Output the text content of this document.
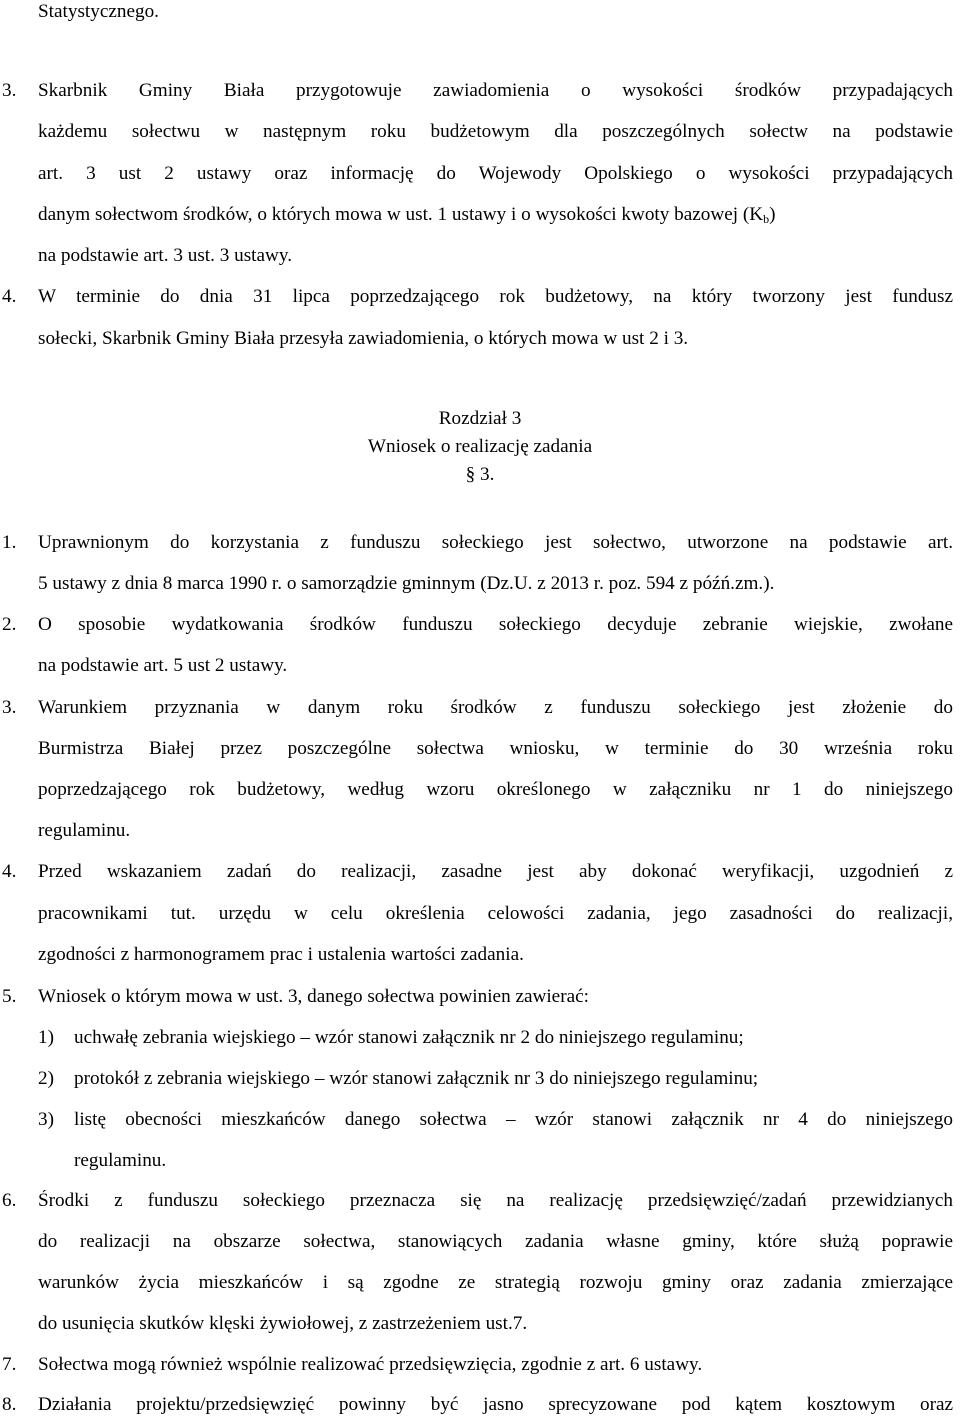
Statystycznego.
3. Skarbnik Gminy Biała przygotowuje zawiadomienia o wysokości środków przypadających
każdemu sołectwu w następnym roku budżetowym dla poszczególnych sołectw na podstawie
art. 3 ust 2 ustawy oraz informację do Wojewody Opolskiego o wysokości przypadających
danym sołectwom środków, o których mowa w ust. 1 ustawy i o wysokości kwoty bazowej $(K_b)$
na podstawie art. 3 ust. 3 ustawy.
4. W terminie do dnia 31 lipca poprzedzającego rok budżetowy, na który tworzony jest fundusz
sołecki, Skarbnik Gminy Biała przesyła zawiadomienia, o których mowa w ust 2 i 3.
Rozdział 3
Wniosek o realizację zadania
§ 3.
1. Uprawnionym do korzystania z funduszu sołeckiego jest sołectwo, utworzone na podstawie art.
5 ustawy z dnia 8 marca 1990 r. o samorządzie gminnym (Dz.U. z 2013 r. poz. 594 z późń.zm.).
2. O sposobie wydatkowania środków funduszu sołeckiego decyduje zebranie wiejskie, zwołane
na podstawie art. 5 ust 2 ustawy.
3. Warunkiem przyznania w danym roku środków z funduszu sołeckiego jest złożenie do
Burmistrza Białej przez poszczególne sołectwa wniosku, w terminie do 30 września roku
poprzedzającego rok budżetowy, według wzoru określonego w załączniku nr 1 do niniejszego
regulaminu.
4. Przed wskazaniem zadań do realizacji, zasadne jest aby dokonać weryfikacji, uzgodnień z
pracownikami tut. urzędu w celu określenia celowości zadania, jego zasadności do realizacji,
zgodności z harmonogramem prac i ustalenia wartości zadania.
5. Wniosek o którym mowa w ust. 3, danego sołectwa powinien zawierać:
1) uchwałę zebrania wiejskiego – wzór stanowi załącznik nr 2 do niniejszego regulaminu;
2) protokół z zebrania wiejskiego – wzór stanowi załącznik nr 3 do niniejszego regulaminu;
3) listę obecności mieszkańców danego sołectwa – wzór stanowi załącznik nr 4 do niniejszego
regulaminu.
6. Środki z funduszu sołeckiego przeznacza się na realizację przedsięwzięć/zadań przewidzianych
do realizacji na obszarze sołectwa, stanowiących zadania własne gminy, które służą poprawie
warunków życia mieszkańców i są zgodne ze strategią rozwoju gminy oraz zadania zmierzające
do usunięcia skutków klęski żywiołowej, z zastrzeżeniem ust.7.
7. Sołectwa mogą również wspólnie realizować przedsięwzięcia, zgodnie z art. 6 ustawy.
8. Działania projektu/przedsięwzięć powinny być jasno sprecyzowane pod kątem kosztowym oraz
